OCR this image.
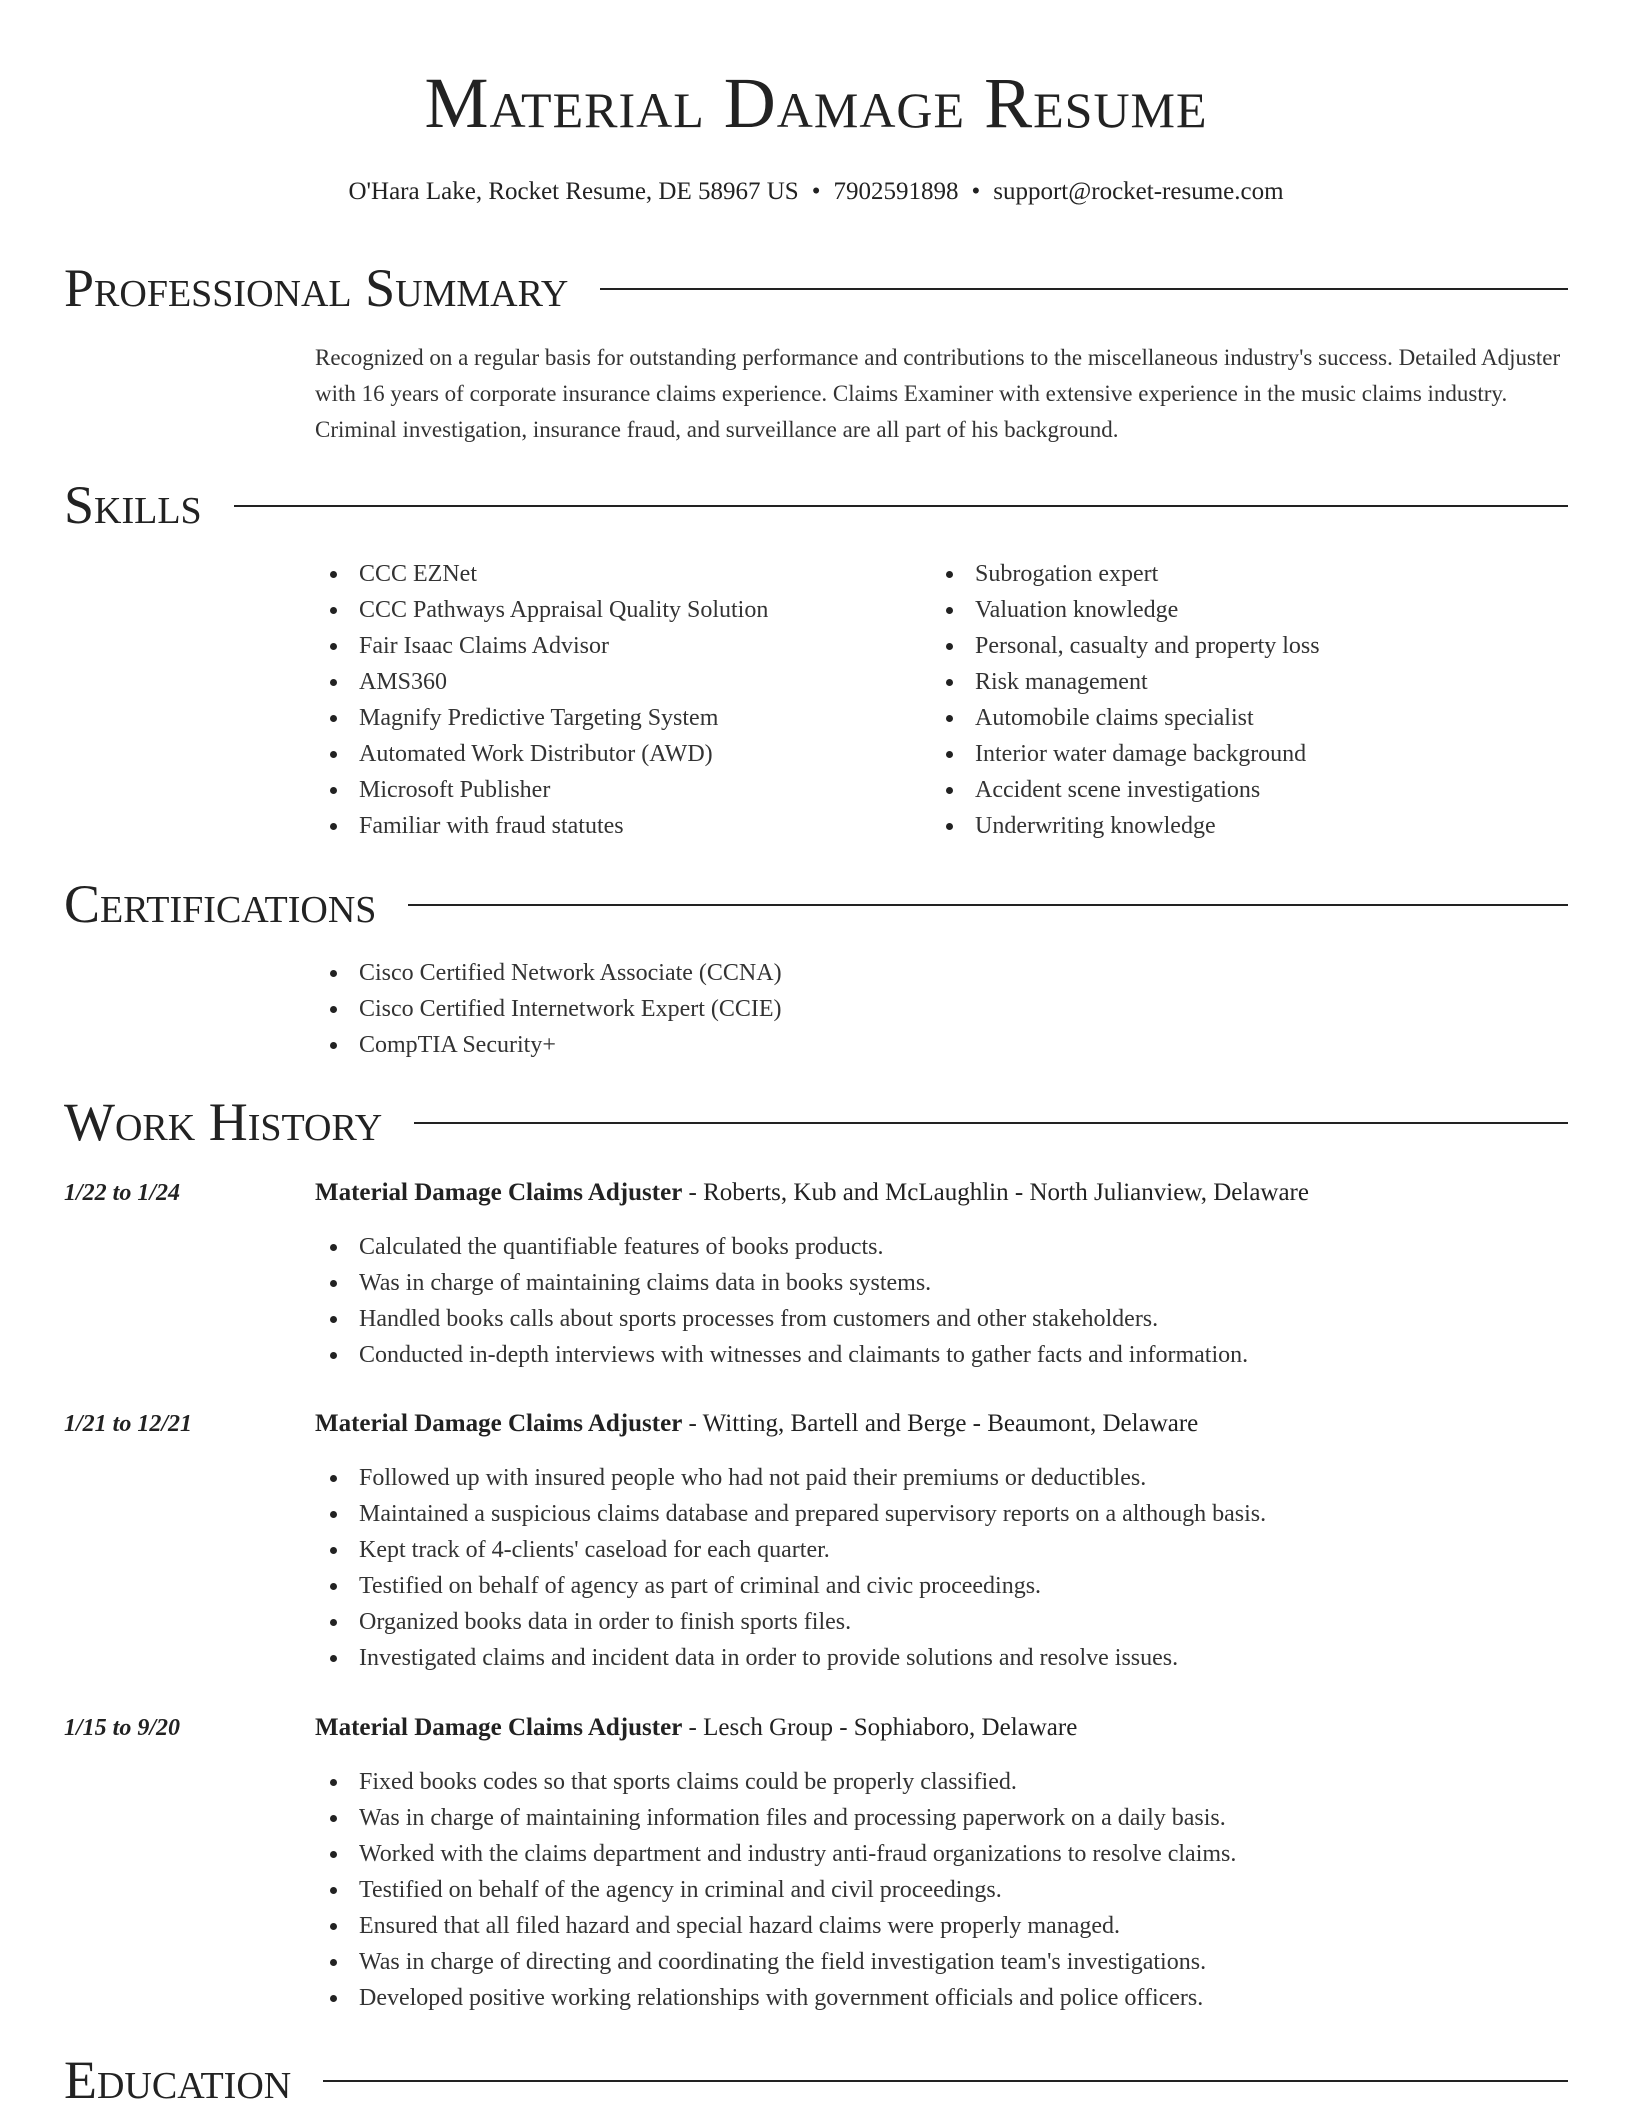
Material Damage Resume
O'Hara Lake, Rocket Resume, DE 58967 US • 7902591898 • support@rocket-resume.com
Professional Summary
Recognized on a regular basis for outstanding performance and contributions to the miscellaneous industry's success. Detailed Adjuster with 16 years of corporate insurance claims experience. Claims Examiner with extensive experience in the music claims industry. Criminal investigation, insurance fraud, and surveillance are all part of his background.
Skills
CCC EZNet
CCC Pathways Appraisal Quality Solution
Fair Isaac Claims Advisor
AMS360
Magnify Predictive Targeting System
Automated Work Distributor (AWD)
Microsoft Publisher
Familiar with fraud statutes
Subrogation expert
Valuation knowledge
Personal, casualty and property loss
Risk management
Automobile claims specialist
Interior water damage background
Accident scene investigations
Underwriting knowledge
Certifications
Cisco Certified Network Associate (CCNA)
Cisco Certified Internetwork Expert (CCIE)
CompTIA Security+
Work History
1/22 to 1/24	Material Damage Claims Adjuster - Roberts, Kub and McLaughlin - North Julianview, Delaware
Calculated the quantifiable features of books products.
Was in charge of maintaining claims data in books systems.
Handled books calls about sports processes from customers and other stakeholders.
Conducted in-depth interviews with witnesses and claimants to gather facts and information.
1/21 to 12/21	Material Damage Claims Adjuster - Witting, Bartell and Berge - Beaumont, Delaware
Followed up with insured people who had not paid their premiums or deductibles.
Maintained a suspicious claims database and prepared supervisory reports on a although basis.
Kept track of 4-clients' caseload for each quarter.
Testified on behalf of agency as part of criminal and civic proceedings.
Organized books data in order to finish sports files.
Investigated claims and incident data in order to provide solutions and resolve issues.
1/15 to 9/20	Material Damage Claims Adjuster - Lesch Group - Sophiaboro, Delaware
Fixed books codes so that sports claims could be properly classified.
Was in charge of maintaining information files and processing paperwork on a daily basis.
Worked with the claims department and industry anti-fraud organizations to resolve claims.
Testified on behalf of the agency in criminal and civil proceedings.
Ensured that all filed hazard and special hazard claims were properly managed.
Was in charge of directing and coordinating the field investigation team's investigations.
Developed positive working relationships with government officials and police officers.
Education
